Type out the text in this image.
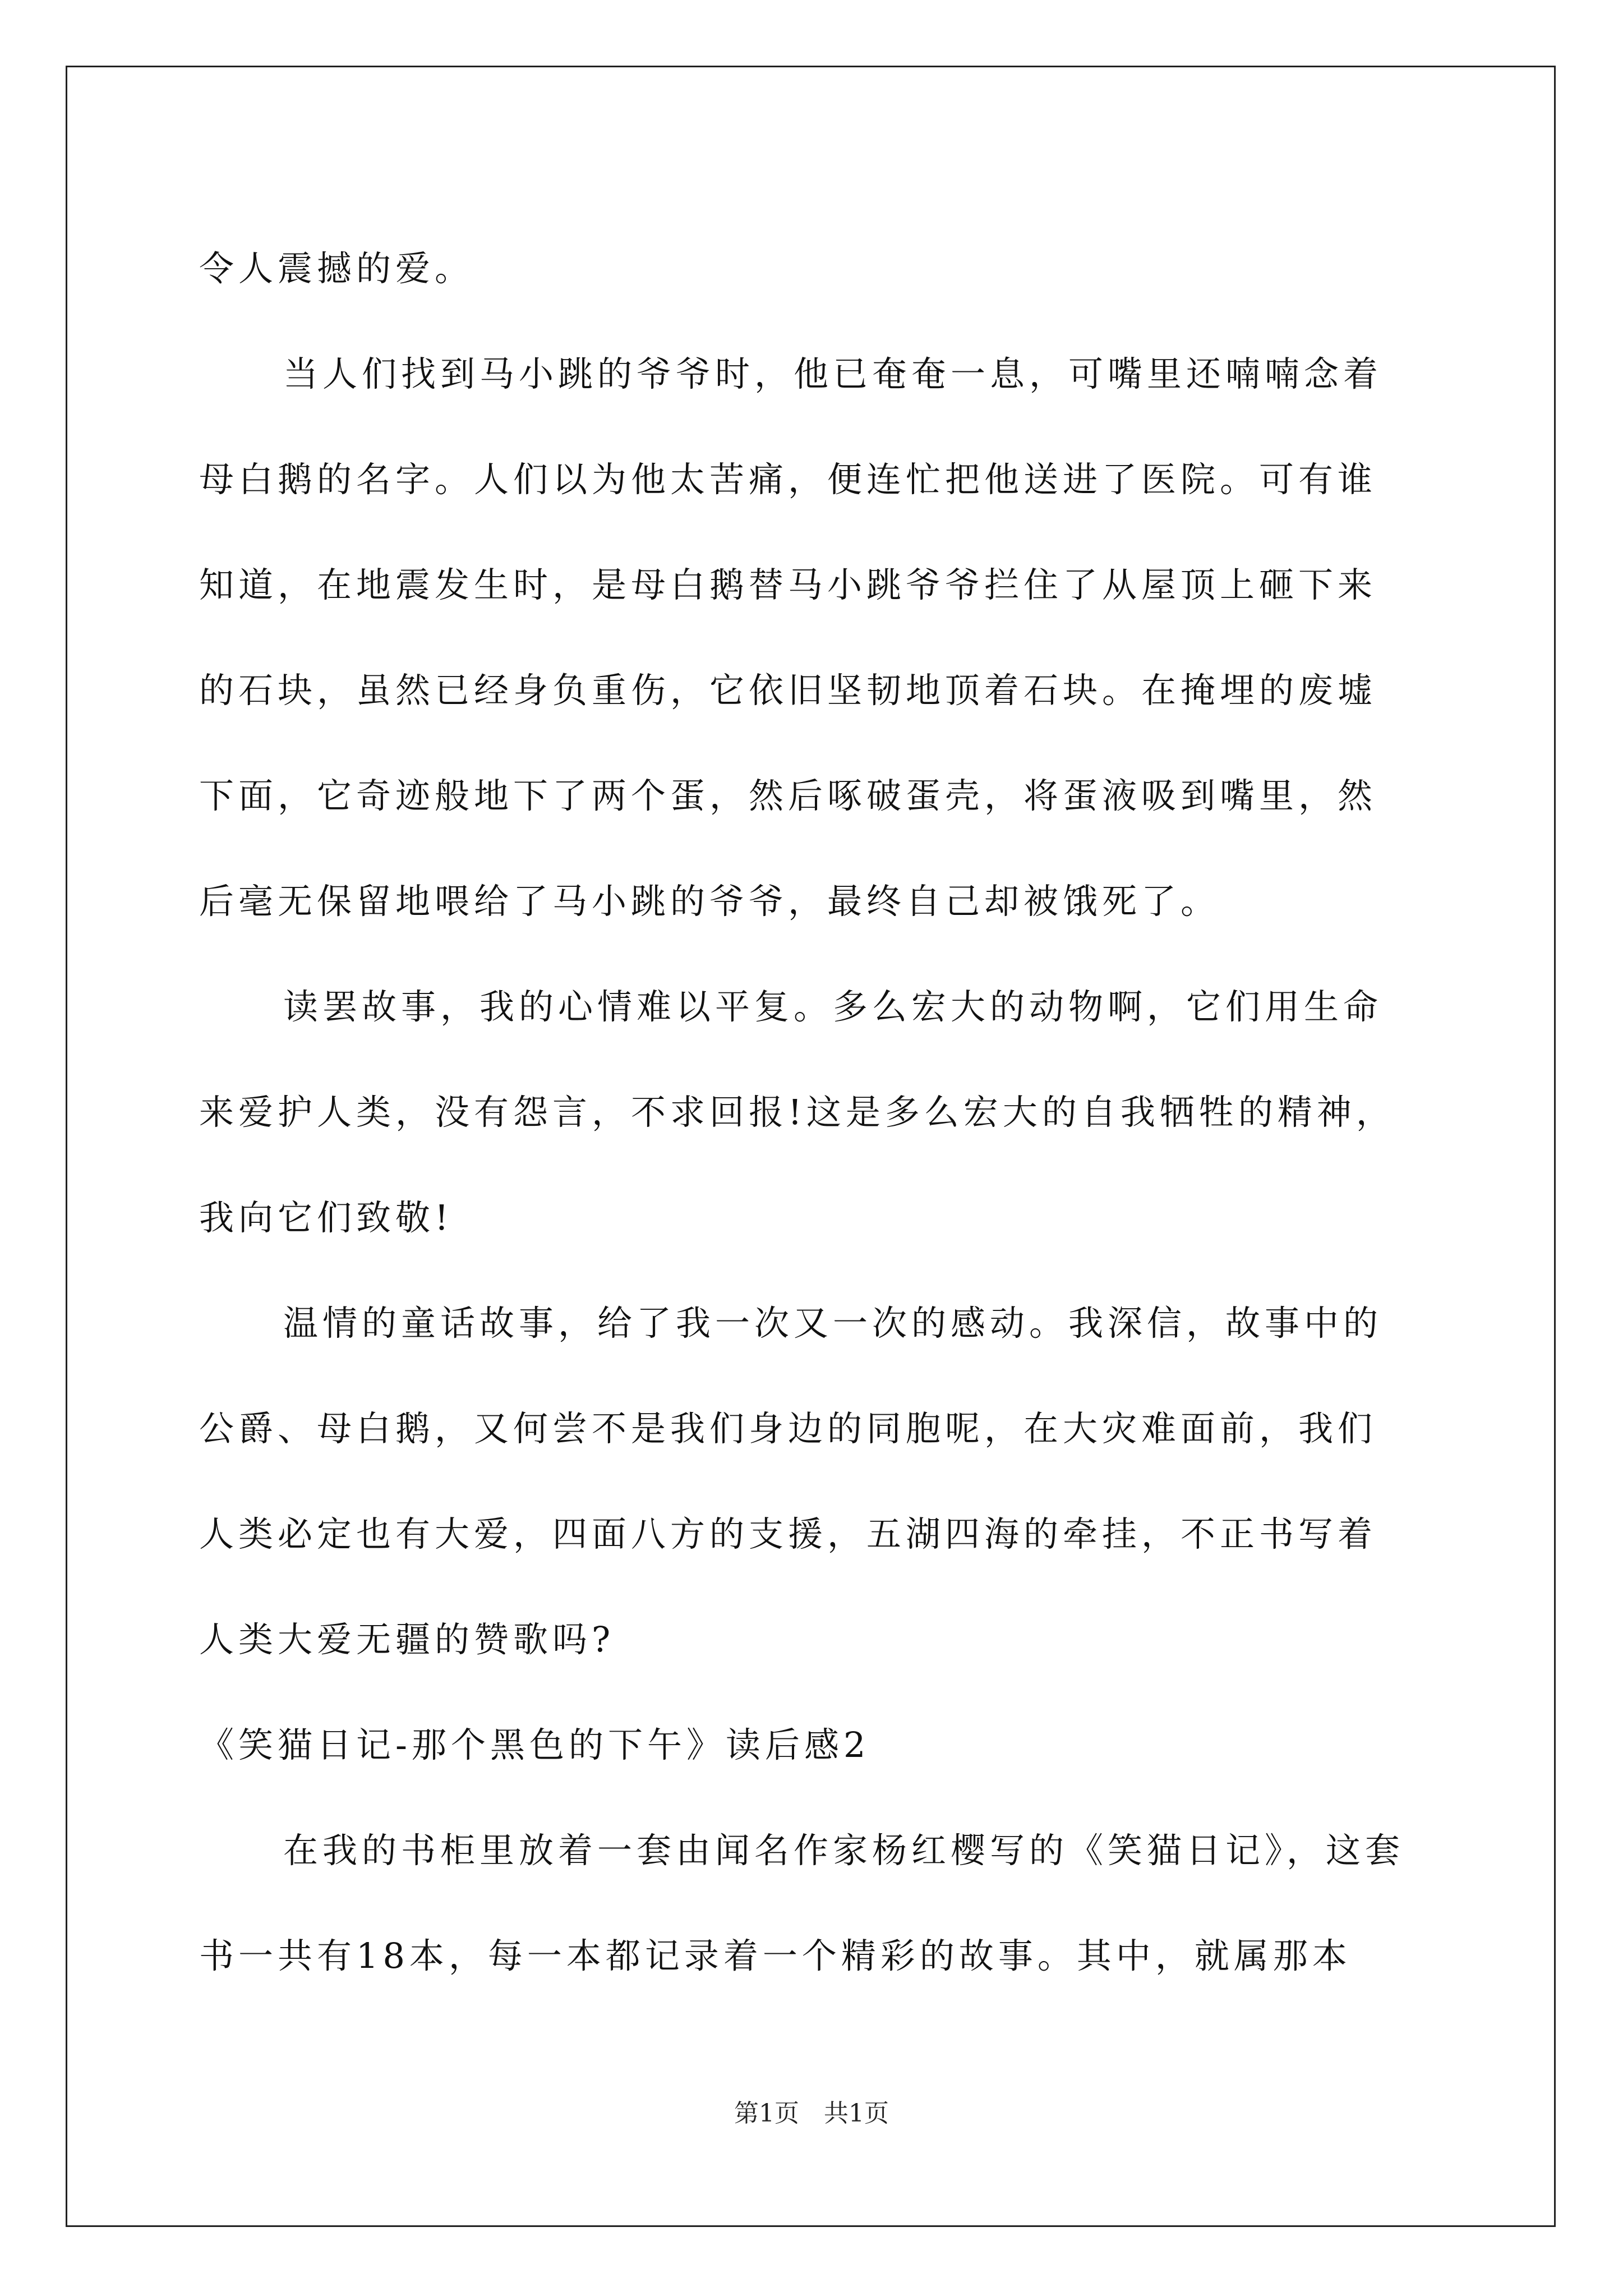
令人震撼的爱。
当人们找到马小跳的爷爷时，他已奄奄一息，可嘴里还喃喃念着
母白鹅的名字。人们以为他太苦痛，便连忙把他送进了医院。可有谁
知道，在地震发生时，是母白鹅替马小跳爷爷拦住了从屋顶上砸下来
的石块，虽然已经身负重伤，它依旧坚韧地顶着石块。在掩埋的废墟
下面，它奇迹般地下了两个蛋，然后啄破蛋壳，将蛋液吸到嘴里，然
后毫无保留地喂给了马小跳的爷爷，最终自己却被饿死了。
读罢故事，我的心情难以平复。多么宏大的动物啊，它们用生命
来爱护人类，没有怨言，不求回报!这是多么宏大的自我牺牲的精神，
我向它们致敬!
温情的童话故事，给了我一次又一次的感动。我深信，故事中的
公爵、母白鹅，又何尝不是我们身边的同胞呢，在大灾难面前，我们
人类必定也有大爱，四面八方的支援，五湖四海的牵挂，不正书写着
人类大爱无疆的赞歌吗?
《笑猫日记-那个黑色的下午》读后感2
在我的书柜里放着一套由闻名作家杨红樱写的《笑猫日记》，这套
书一共有18本，每一本都记录着一个精彩的故事。其中，就属那本
第1页　共1页
